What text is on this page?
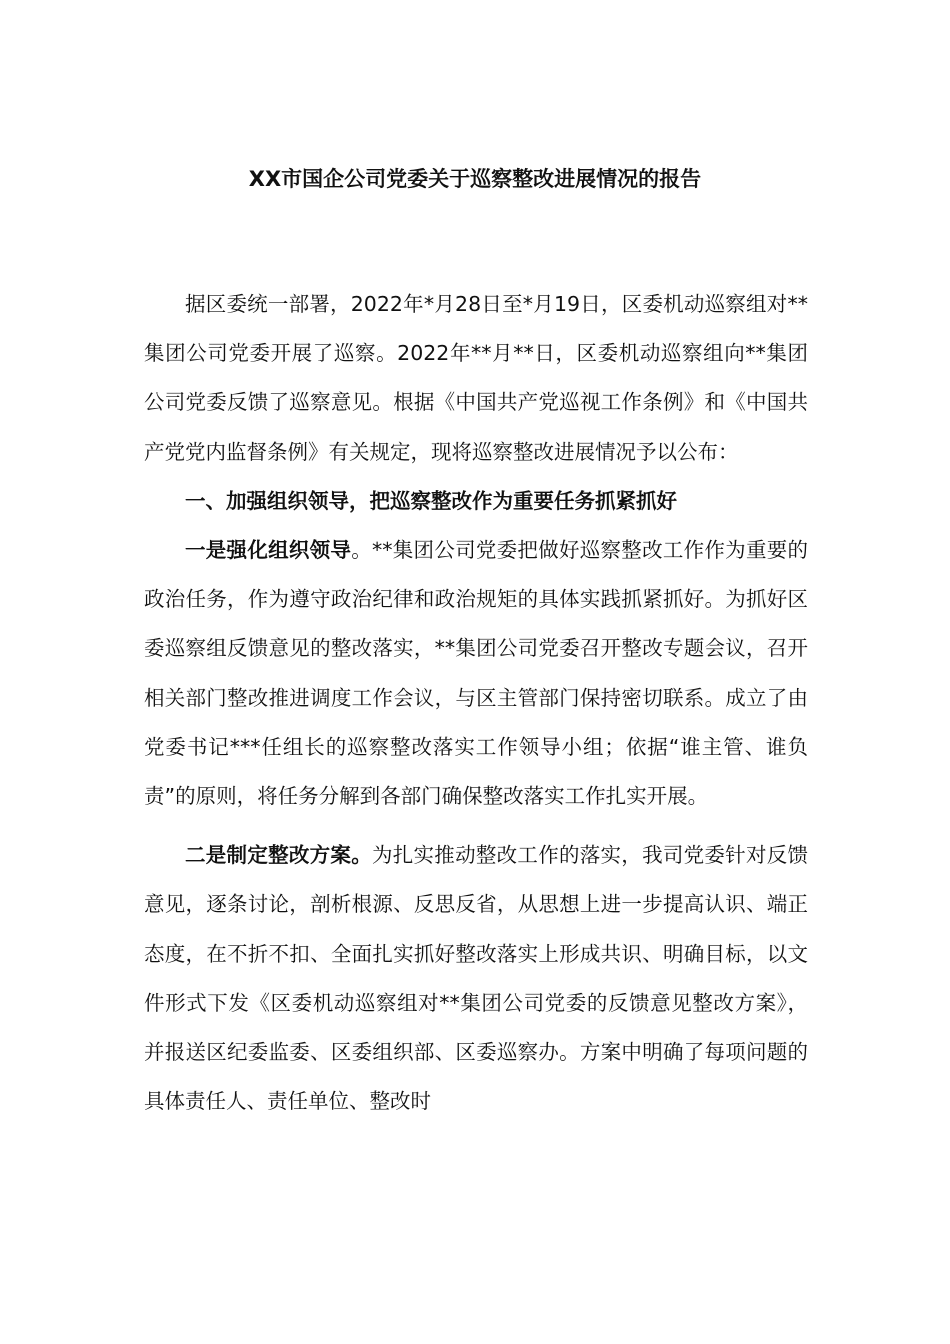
XX市国企公司党委关于巡察整改进展情况的报告

据区委统一部署，2022年*月28日至*月19日，区委机动巡察组对**集团公司党委开展了巡察。2022年**月**日，区委机动巡察组向**集团公司党委反馈了巡察意见。根据《中国共产党巡视工作条例》和《中国共产党党内监督条例》有关规定，现将巡察整改进展情况予以公布：

一、加强组织领导，把巡察整改作为重要任务抓紧抓好

一是强化组织领导。**集团公司党委把做好巡察整改工作作为重要的政治任务，作为遵守政治纪律和政治规矩的具体实践抓紧抓好。为抓好区委巡察组反馈意见的整改落实，**集团公司党委召开整改专题会议，召开相关部门整改推进调度工作会议，与区主管部门保持密切联系。成立了由党委书记***任组长的巡察整改落实工作领导小组；依据“谁主管、谁负责”的原则，将任务分解到各部门确保整改落实工作扎实开展。

二是制定整改方案。为扎实推动整改工作的落实，我司党委针对反馈意见，逐条讨论，剖析根源、反思反省，从思想上进一步提高认识、端正态度，在不折不扣、全面扎实抓好整改落实上形成共识、明确目标，以文件形式下发《区委机动巡察组对**集团公司党委的反馈意见整改方案》，并报送区纪委监委、区委组织部、区委巡察办。方案中明确了每项问题的具体责任人、责任单位、整改时
